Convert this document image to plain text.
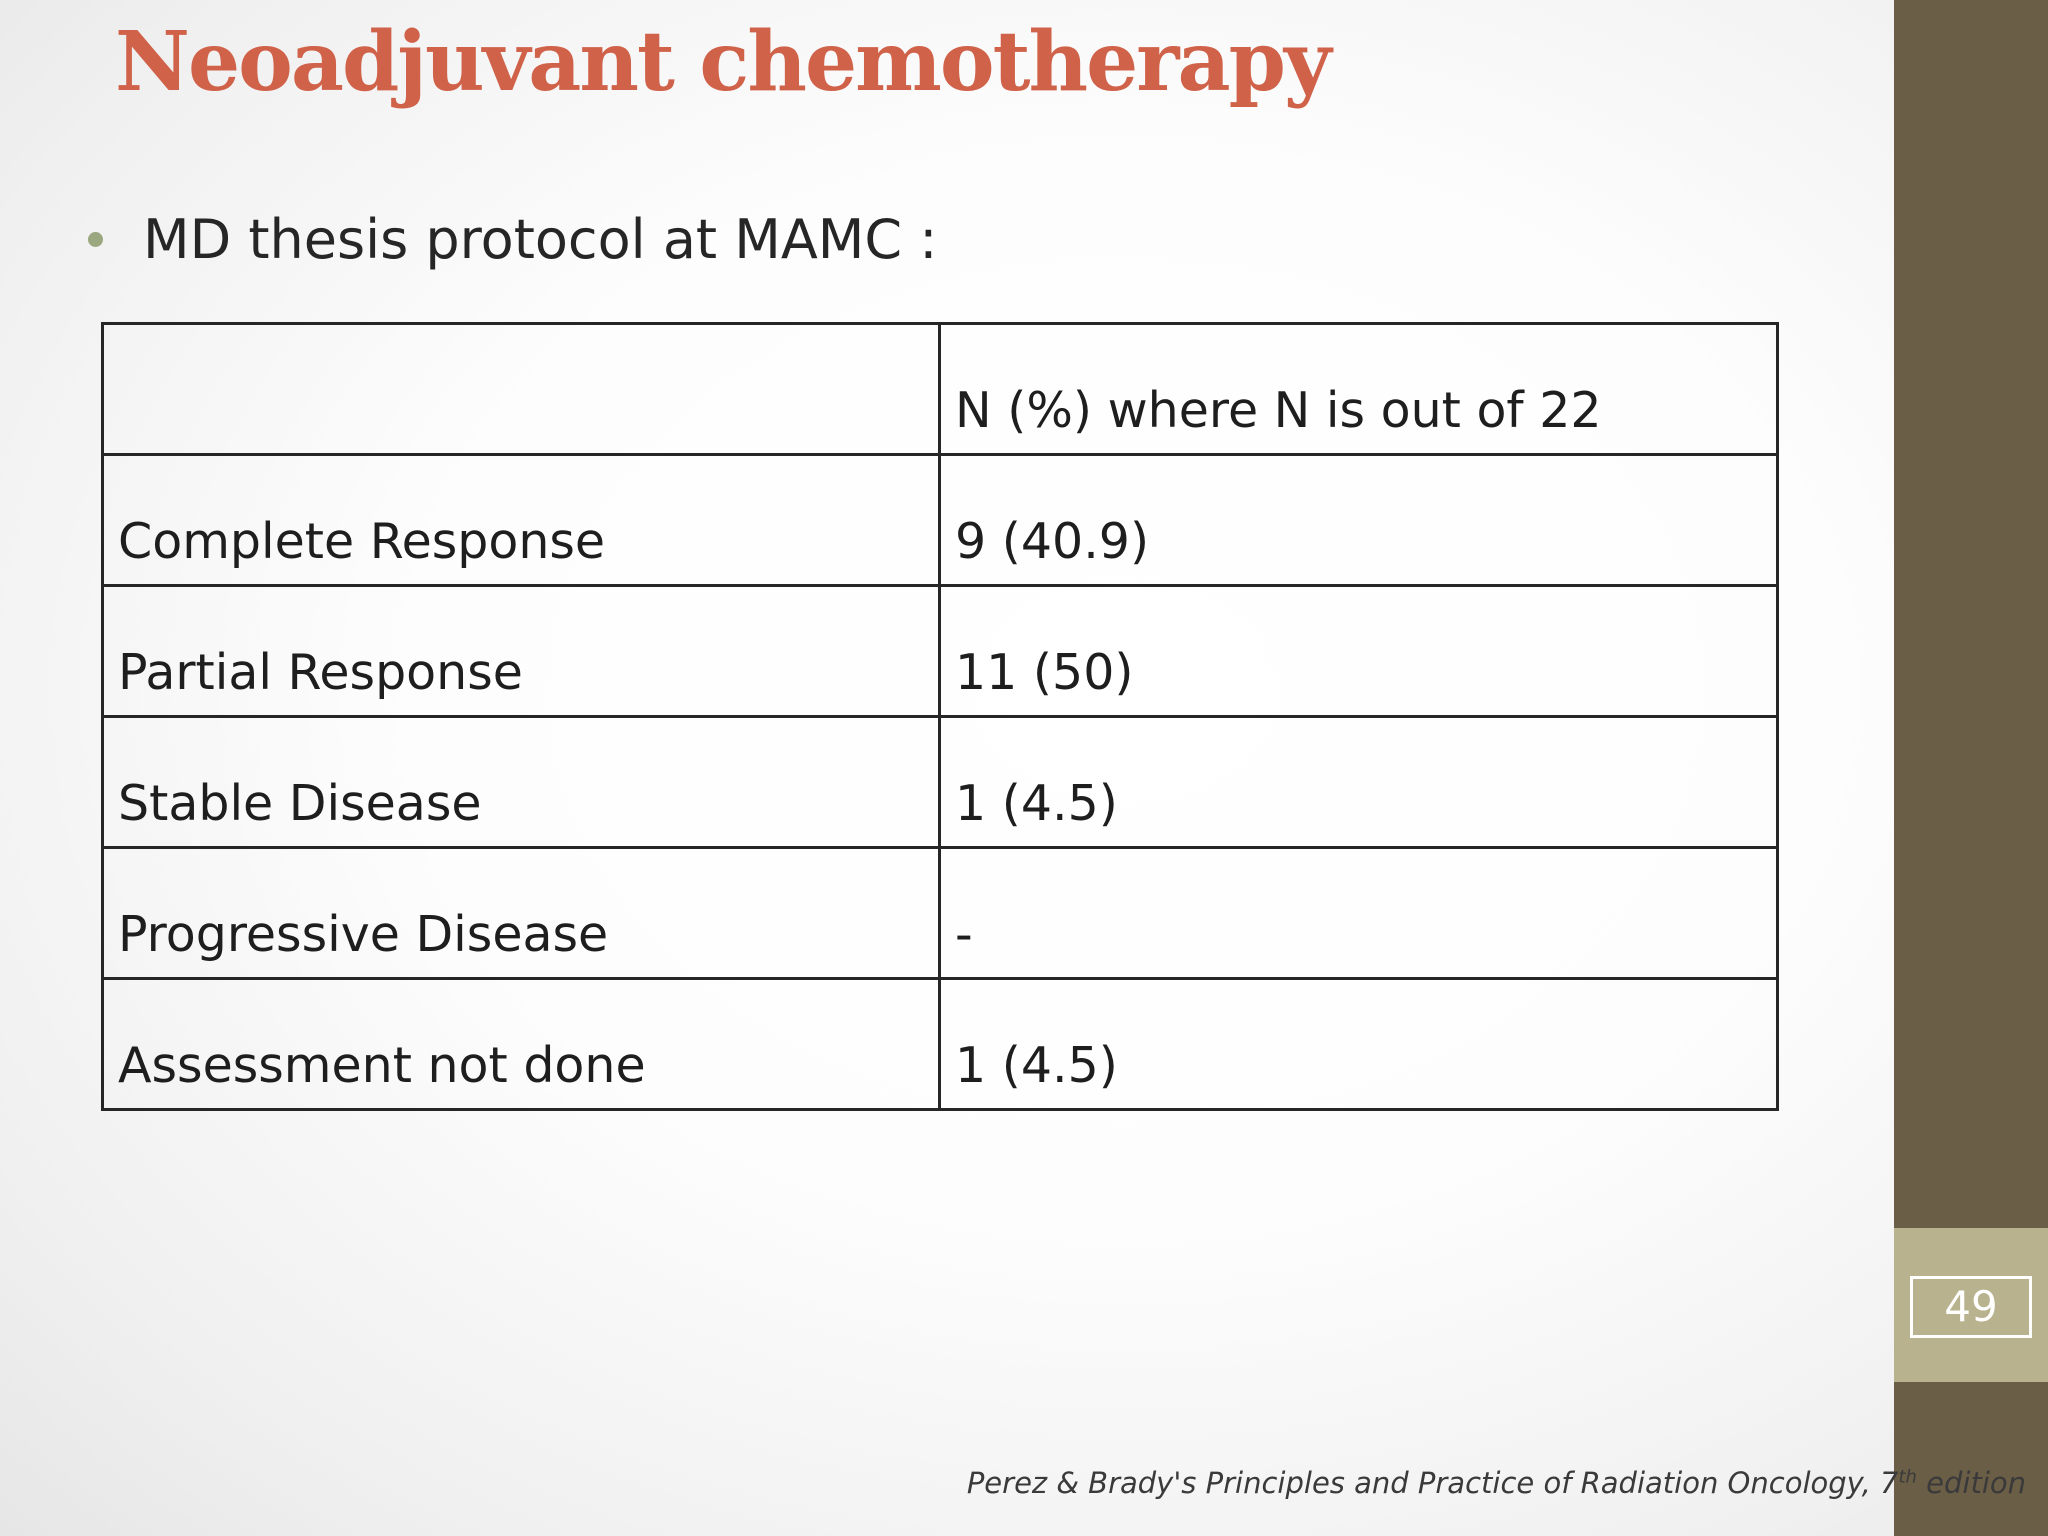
49
Neoadjuvant chemotherapy
MD thesis protocol at MAMC :
	N (%) where N is out of 22
Complete Response	9 (40.9)
Partial Response	11 (50)
Stable Disease	1 (4.5)
Progressive Disease	-
Assessment not done	1 (4.5)
Perez & Brady's Principles and Practice of Radiation Oncology, 7th edition
